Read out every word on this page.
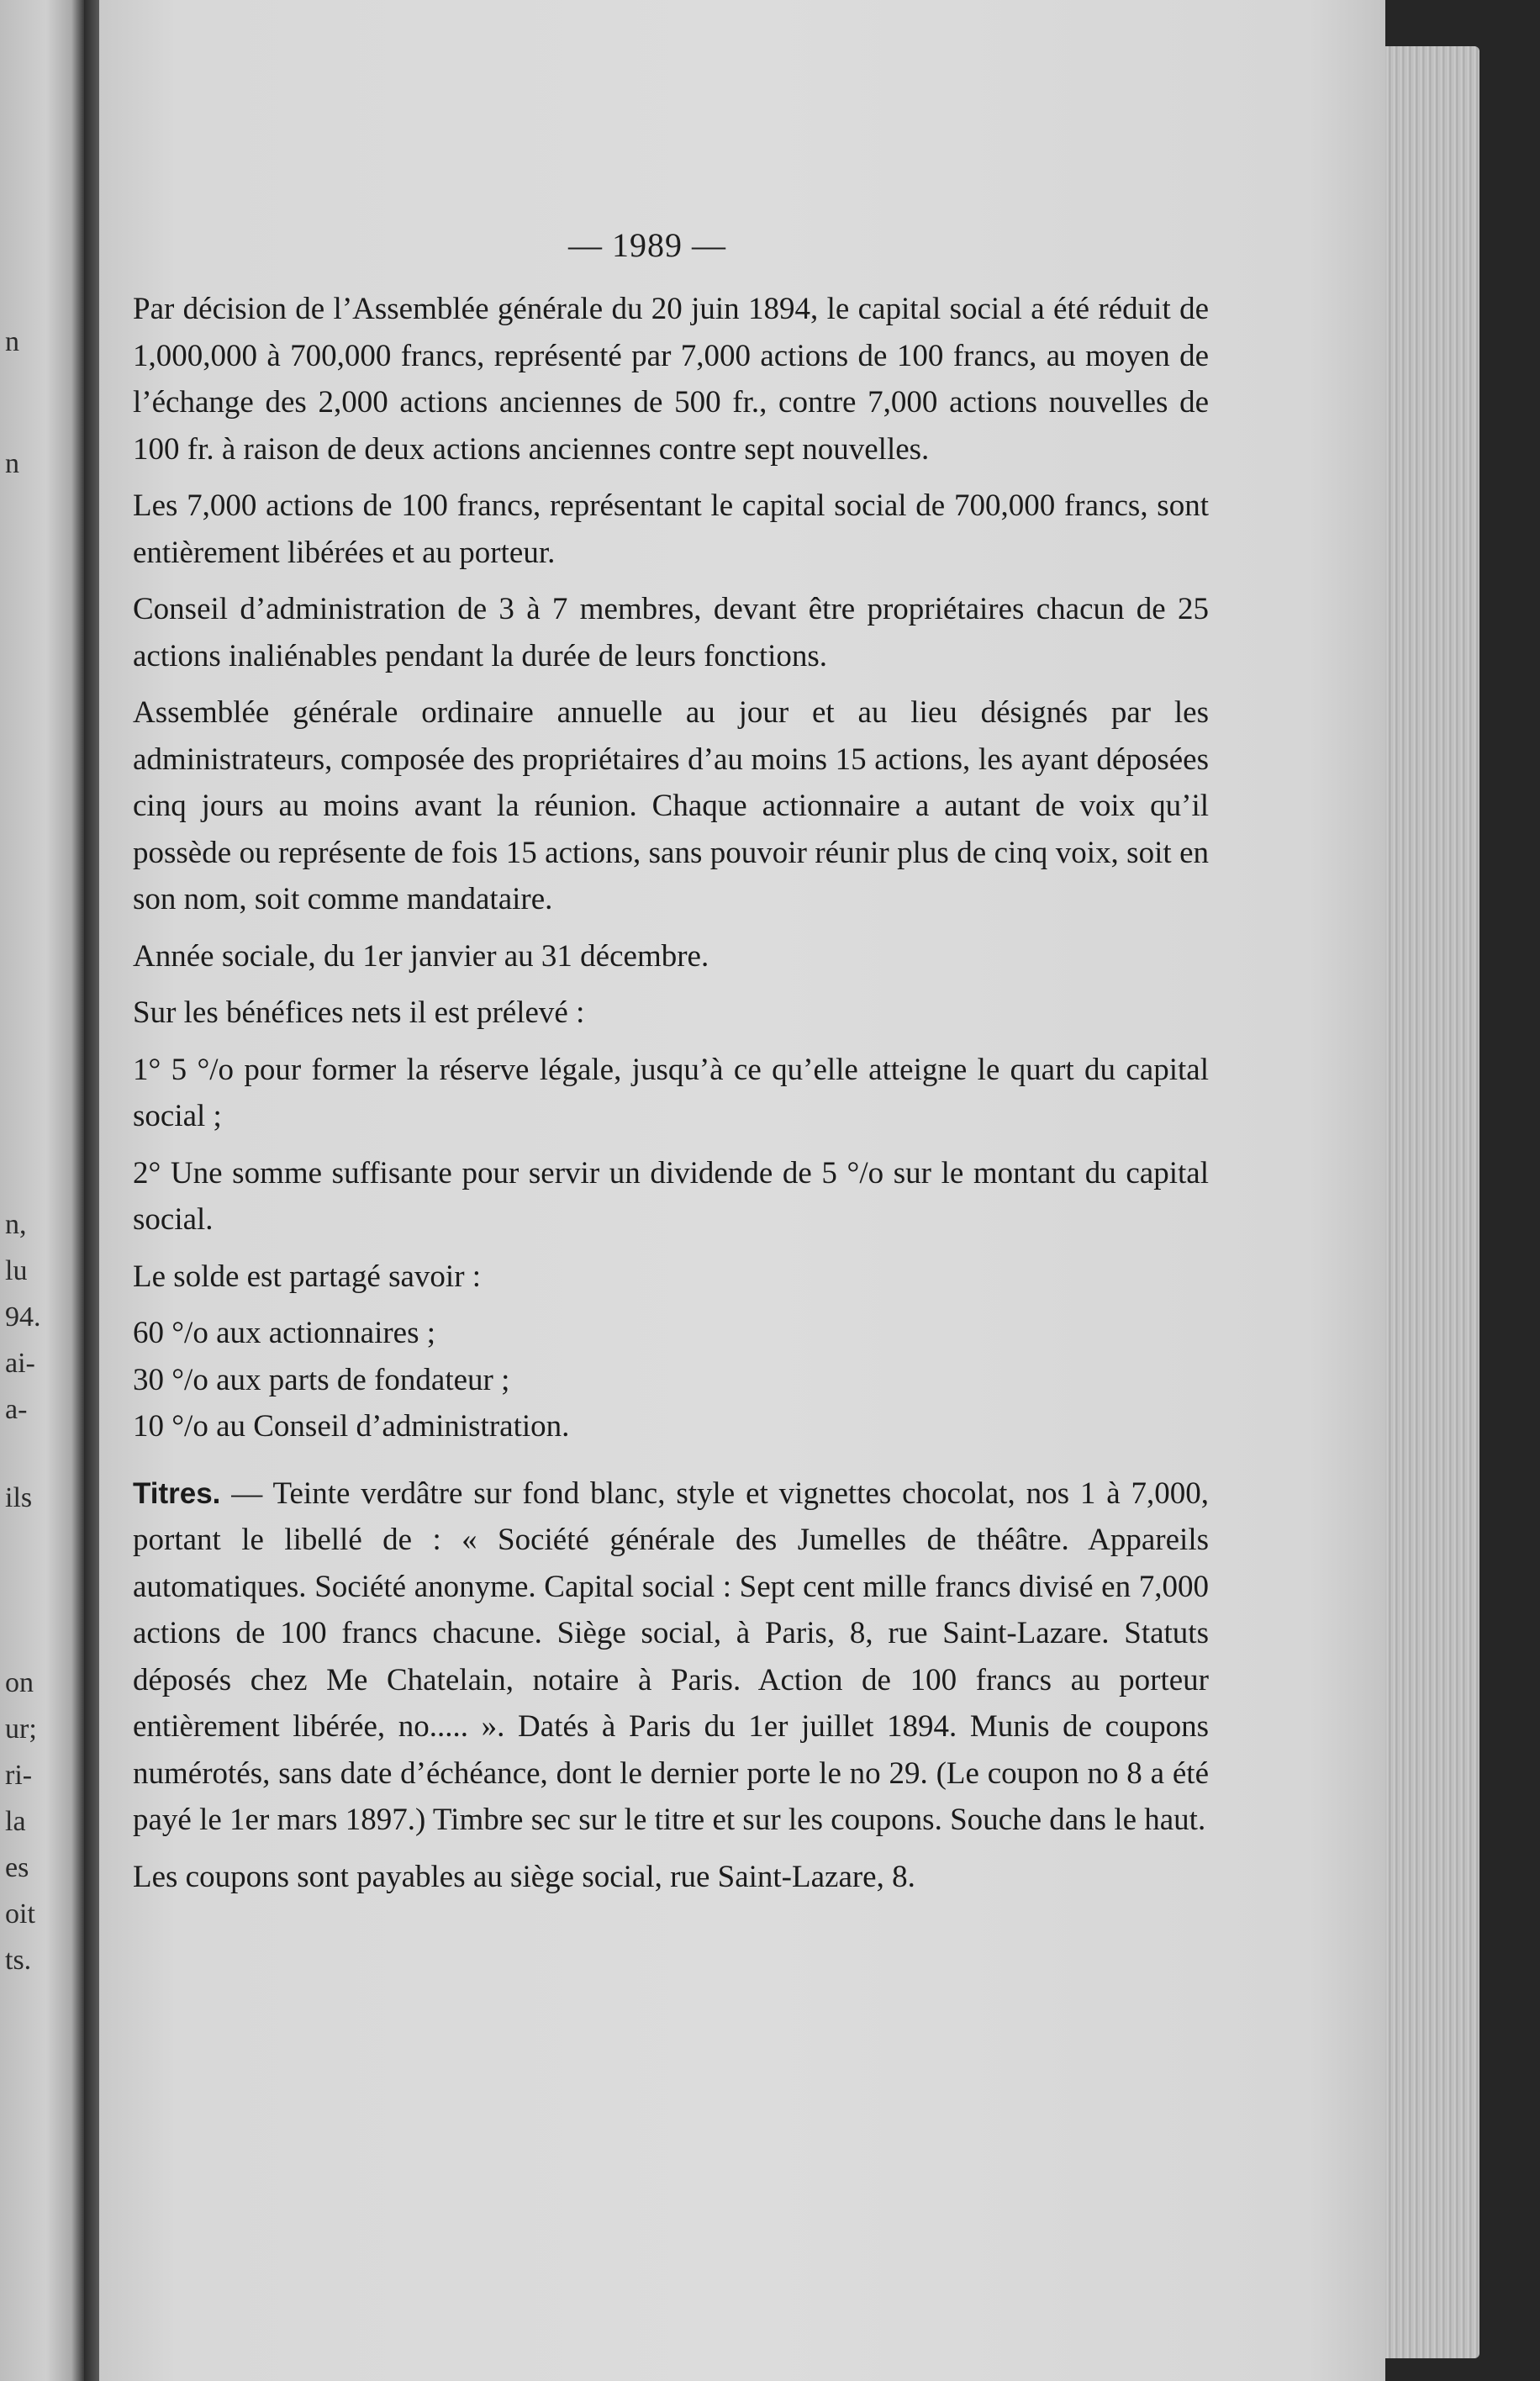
n
n
n,
lu
94.
ai-
a-
ils
on
ur;
ri-
la
es
oit
ts.
— 1989 —

Par décision de l’Assemblée générale du 20 juin 1894, le capital social a été réduit de 1,000,000 à 700,000 francs, représenté par 7,000 actions de 100 francs, au moyen de l’échange des 2,000 actions anciennes de 500 fr., contre 7,000 actions nouvelles de 100 fr. à raison de deux actions anciennes contre sept nouvelles.

Les 7,000 actions de 100 francs, représentant le capital social de 700,000 francs, sont entièrement libérées et au porteur.

Conseil d’administration de 3 à 7 membres, devant être propriétaires chacun de 25 actions inaliénables pendant la durée de leurs fonctions.

Assemblée générale ordinaire annuelle au jour et au lieu désignés par les administrateurs, composée des propriétaires d’au moins 15 actions, les ayant déposées cinq jours au moins avant la réunion. Chaque actionnaire a autant de voix qu’il possède ou représente de fois 15 actions, sans pouvoir réunir plus de cinq voix, soit en son nom, soit comme mandataire.

Année sociale, du 1er janvier au 31 décembre.

Sur les bénéfices nets il est prélevé :

1° 5 °/o pour former la réserve légale, jusqu’à ce qu’elle atteigne le quart du capital social ;

2° Une somme suffisante pour servir un dividende de 5 °/o sur le montant du capital social.

Le solde est partagé savoir :

60 °/o aux actionnaires ;

30 °/o aux parts de fondateur ;

10 °/o au Conseil d’administration.

Titres. — Teinte verdâtre sur fond blanc, style et vignettes chocolat, nos 1 à 7,000, portant le libellé de : « Société générale des Jumelles de théâtre. Appareils automatiques. Société anonyme. Capital social : Sept cent mille francs divisé en 7,000 actions de 100 francs chacune. Siège social, à Paris, 8, rue Saint-Lazare. Statuts déposés chez Me Chatelain, notaire à Paris. Action de 100 francs au porteur entièrement libérée, no..... ». Datés à Paris du 1er juillet 1894. Munis de coupons numérotés, sans date d’échéance, dont le dernier porte le no 29. (Le coupon no 8 a été payé le 1er mars 1897.) Timbre sec sur le titre et sur les coupons. Souche dans le haut.

Les coupons sont payables au siège social, rue Saint-Lazare, 8.
